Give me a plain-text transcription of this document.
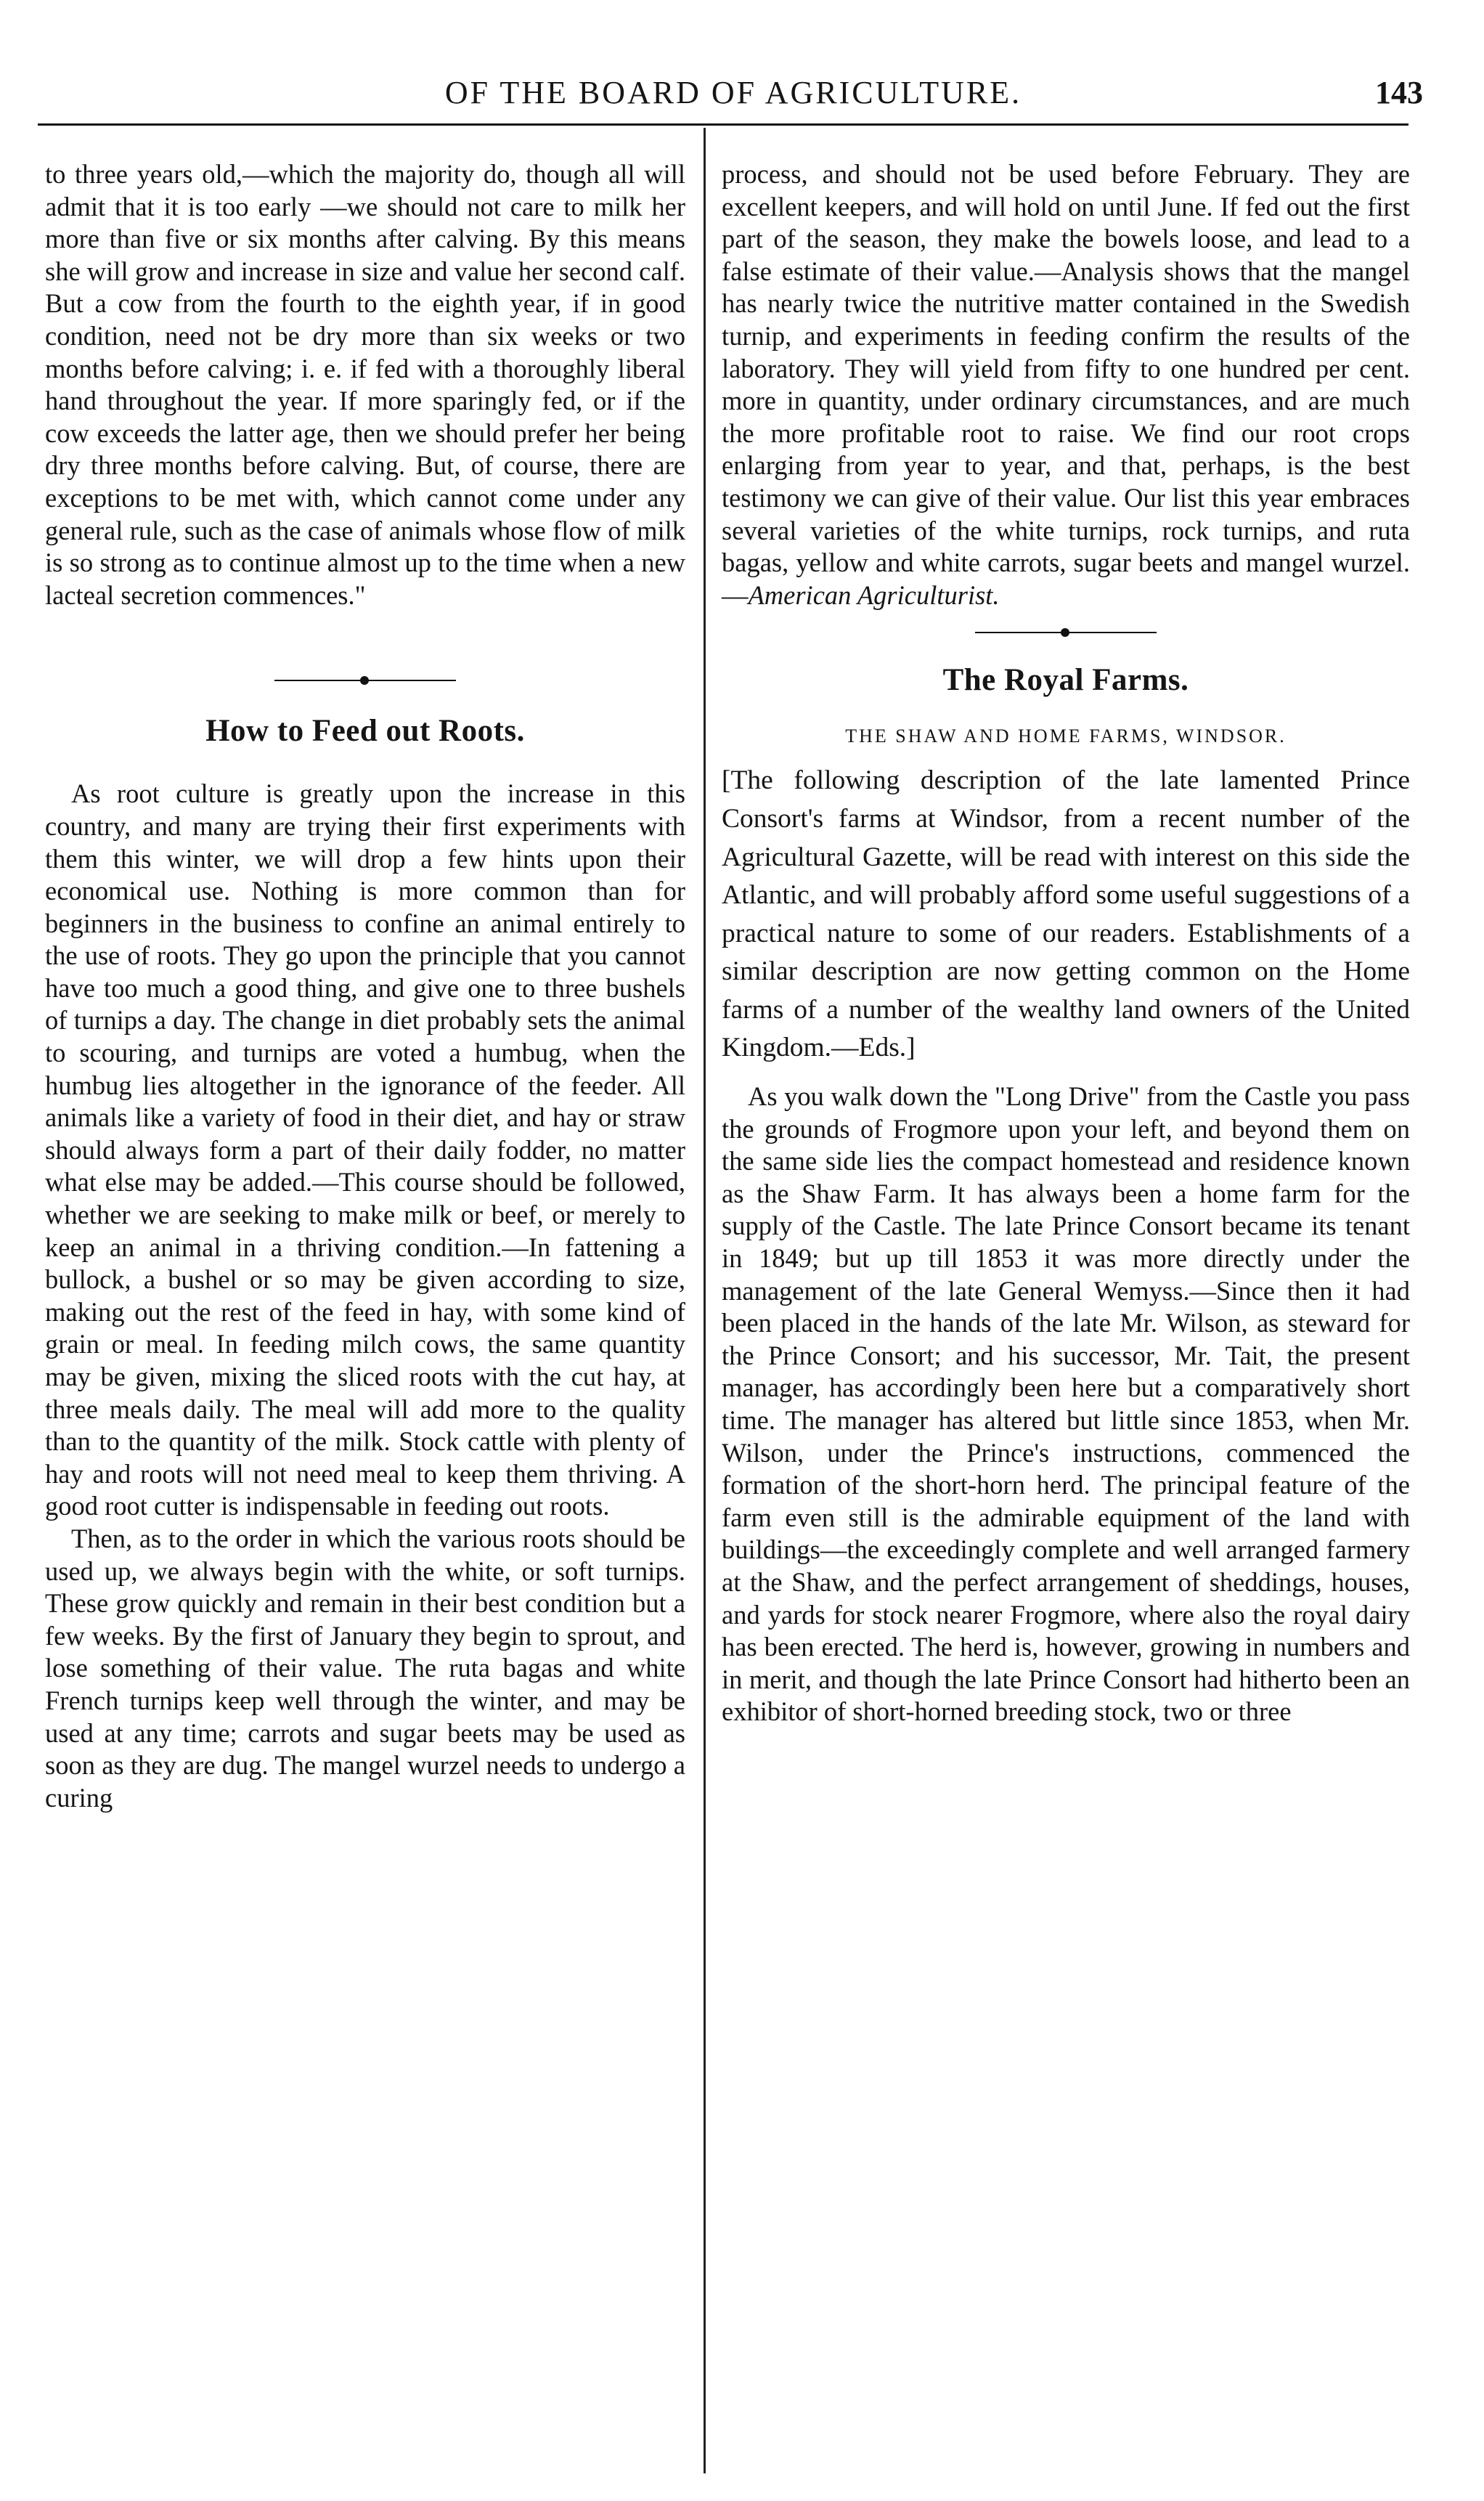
OF THE BOARD OF AGRICULTURE.	143

to three years old,—which the majority do, though all will admit that it is too early —we should not care to milk her more than five or six months after calving. By this means she will grow and increase in size and value her second calf. But a cow from the fourth to the eighth year, if in good condition, need not be dry more than six weeks or two months before calving; i. e. if fed with a thoroughly liberal hand throughout the year. If more sparingly fed, or if the cow exceeds the latter age, then we should prefer her being dry three months before calving. But, of course, there are exceptions to be met with, which cannot come under any general rule, such as the case of animals whose flow of milk is so strong as to continue almost up to the time when a new lacteal secretion commences."

How to Feed out Roots.

As root culture is greatly upon the increase in this country, and many are trying their first experiments with them this winter, we will drop a few hints upon their economical use. Nothing is more common than for beginners in the business to confine an animal entirely to the use of roots. They go upon the principle that you cannot have too much a good thing, and give one to three bushels of turnips a day. The change in diet probably sets the animal to scouring, and turnips are voted a humbug, when the humbug lies altogether in the ignorance of the feeder. All animals like a variety of food in their diet, and hay or straw should always form a part of their daily fodder, no matter what else may be added.—This course should be followed, whether we are seeking to make milk or beef, or merely to keep an animal in a thriving condition.—In fattening a bullock, a bushel or so may be given according to size, making out the rest of the feed in hay, with some kind of grain or meal. In feeding milch cows, the same quantity may be given, mixing the sliced roots with the cut hay, at three meals daily. The meal will add more to the quality than to the quantity of the milk. Stock cattle with plenty of hay and roots will not need meal to keep them thriving. A good root cutter is indispensable in feeding out roots.

Then, as to the order in which the various roots should be used up, we always begin with the white, or soft turnips. These grow quickly and remain in their best condition but a few weeks. By the first of January they begin to sprout, and lose something of their value. The ruta bagas and white French turnips keep well through the winter, and may be used at any time; carrots and sugar beets may be used as soon as they are dug. The mangel wurzel needs to undergo a curing

process, and should not be used before February. They are excellent keepers, and will hold on until June. If fed out the first part of the season, they make the bowels loose, and lead to a false estimate of their value.—Analysis shows that the mangel has nearly twice the nutritive matter contained in the Swedish turnip, and experiments in feeding confirm the results of the laboratory. They will yield from fifty to one hundred per cent. more in quantity, under ordinary circumstances, and are much the more profitable root to raise. We find our root crops enlarging from year to year, and that, perhaps, is the best testimony we can give of their value. Our list this year embraces several varieties of the white turnips, rock turnips, and ruta bagas, yellow and white carrots, sugar beets and mangel wurzel.—American Agriculturist.

The Royal Farms.
THE SHAW AND HOME FARMS, WINDSOR.

[The following description of the late lamented Prince Consort's farms at Windsor, from a recent number of the Agricultural Gazette, will be read with interest on this side the Atlantic, and will probably afford some useful suggestions of a practical nature to some of our readers. Establishments of a similar description are now getting common on the Home farms of a number of the wealthy land owners of the United Kingdom.—Eds.]

As you walk down the "Long Drive" from the Castle you pass the grounds of Frogmore upon your left, and beyond them on the same side lies the compact homestead and residence known as the Shaw Farm. It has always been a home farm for the supply of the Castle. The late Prince Consort became its tenant in 1849; but up till 1853 it was more directly under the management of the late General Wemyss.—Since then it had been placed in the hands of the late Mr. Wilson, as steward for the Prince Consort; and his successor, Mr. Tait, the present manager, has accordingly been here but a comparatively short time. The manager has altered but little since 1853, when Mr. Wilson, under the Prince's instructions, commenced the formation of the short-horn herd. The principal feature of the farm even still is the admirable equipment of the land with buildings—the exceedingly complete and well arranged farmery at the Shaw, and the perfect arrangement of sheddings, houses, and yards for stock nearer Frogmore, where also the royal dairy has been erected. The herd is, however, growing in numbers and in merit, and though the late Prince Consort had hitherto been an exhibitor of short-horned breeding stock, two or three
